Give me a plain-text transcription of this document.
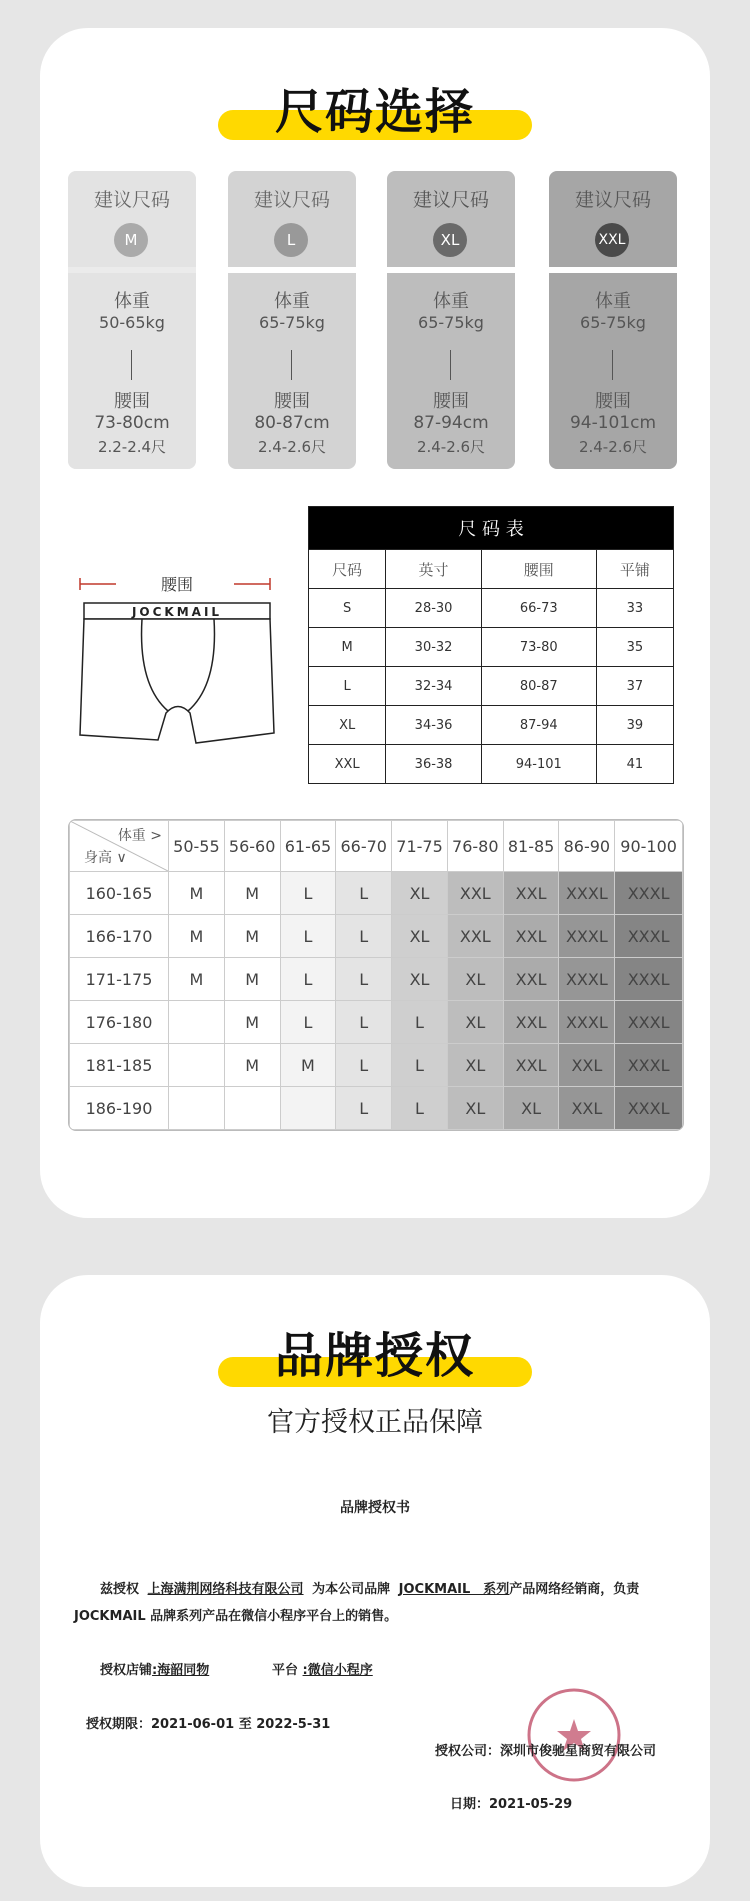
尺码选择
建议尺码
M
体重
50-65kg
腰围
73-80cm
2.2-2.4尺
建议尺码
L
体重
65-75kg
腰围
80-87cm
2.4-2.6尺
建议尺码
XL
体重
65-75kg
腰围
87-94cm
2.4-2.6尺
建议尺码
XXL
体重
65-75kg
腰围
94-101cm
2.4-2.6尺
腰围
JOCKMAIL
尺 码 表			
尺码	英寸	腰围	平铺
S	28-30	66-73	33
M	30-32	73-80	35
L	32-34	80-87	37
XL	34-36	87-94	39
XXL	36-38	94-101	41
体重 >
身高 ∨	50-55	56-60	61-65	66-70	71-75	76-80	81-85	86-90	90-100
160-165	M	M	L	L	XL	XXL	XXL	XXXL	XXXL
166-170	M	M	L	L	XL	XXL	XXL	XXXL	XXXL
171-175	M	M	L	L	XL	XL	XXL	XXXL	XXXL
176-180		M	L	L	L	XL	XXL	XXXL	XXXL
181-185		M	M	L	L	XL	XXL	XXL	XXXL
186-190				L	L	XL	XL	XXL	XXXL
品牌授权
官方授权正品保障
品牌授权书
兹授权 上海满荆网络科技有限公司 为本公司品牌 JOCKMAIL　系列产品网络经销商，负责
JOCKMAIL 品牌系列产品在微信小程序平台上的销售。
授权店铺:海韶同物	平台 :微信小程序
授权期限：2021-06-01 至 2022-5-31
授权公司：深圳市俊驰星商贸有限公司
日期：2021-05-29
